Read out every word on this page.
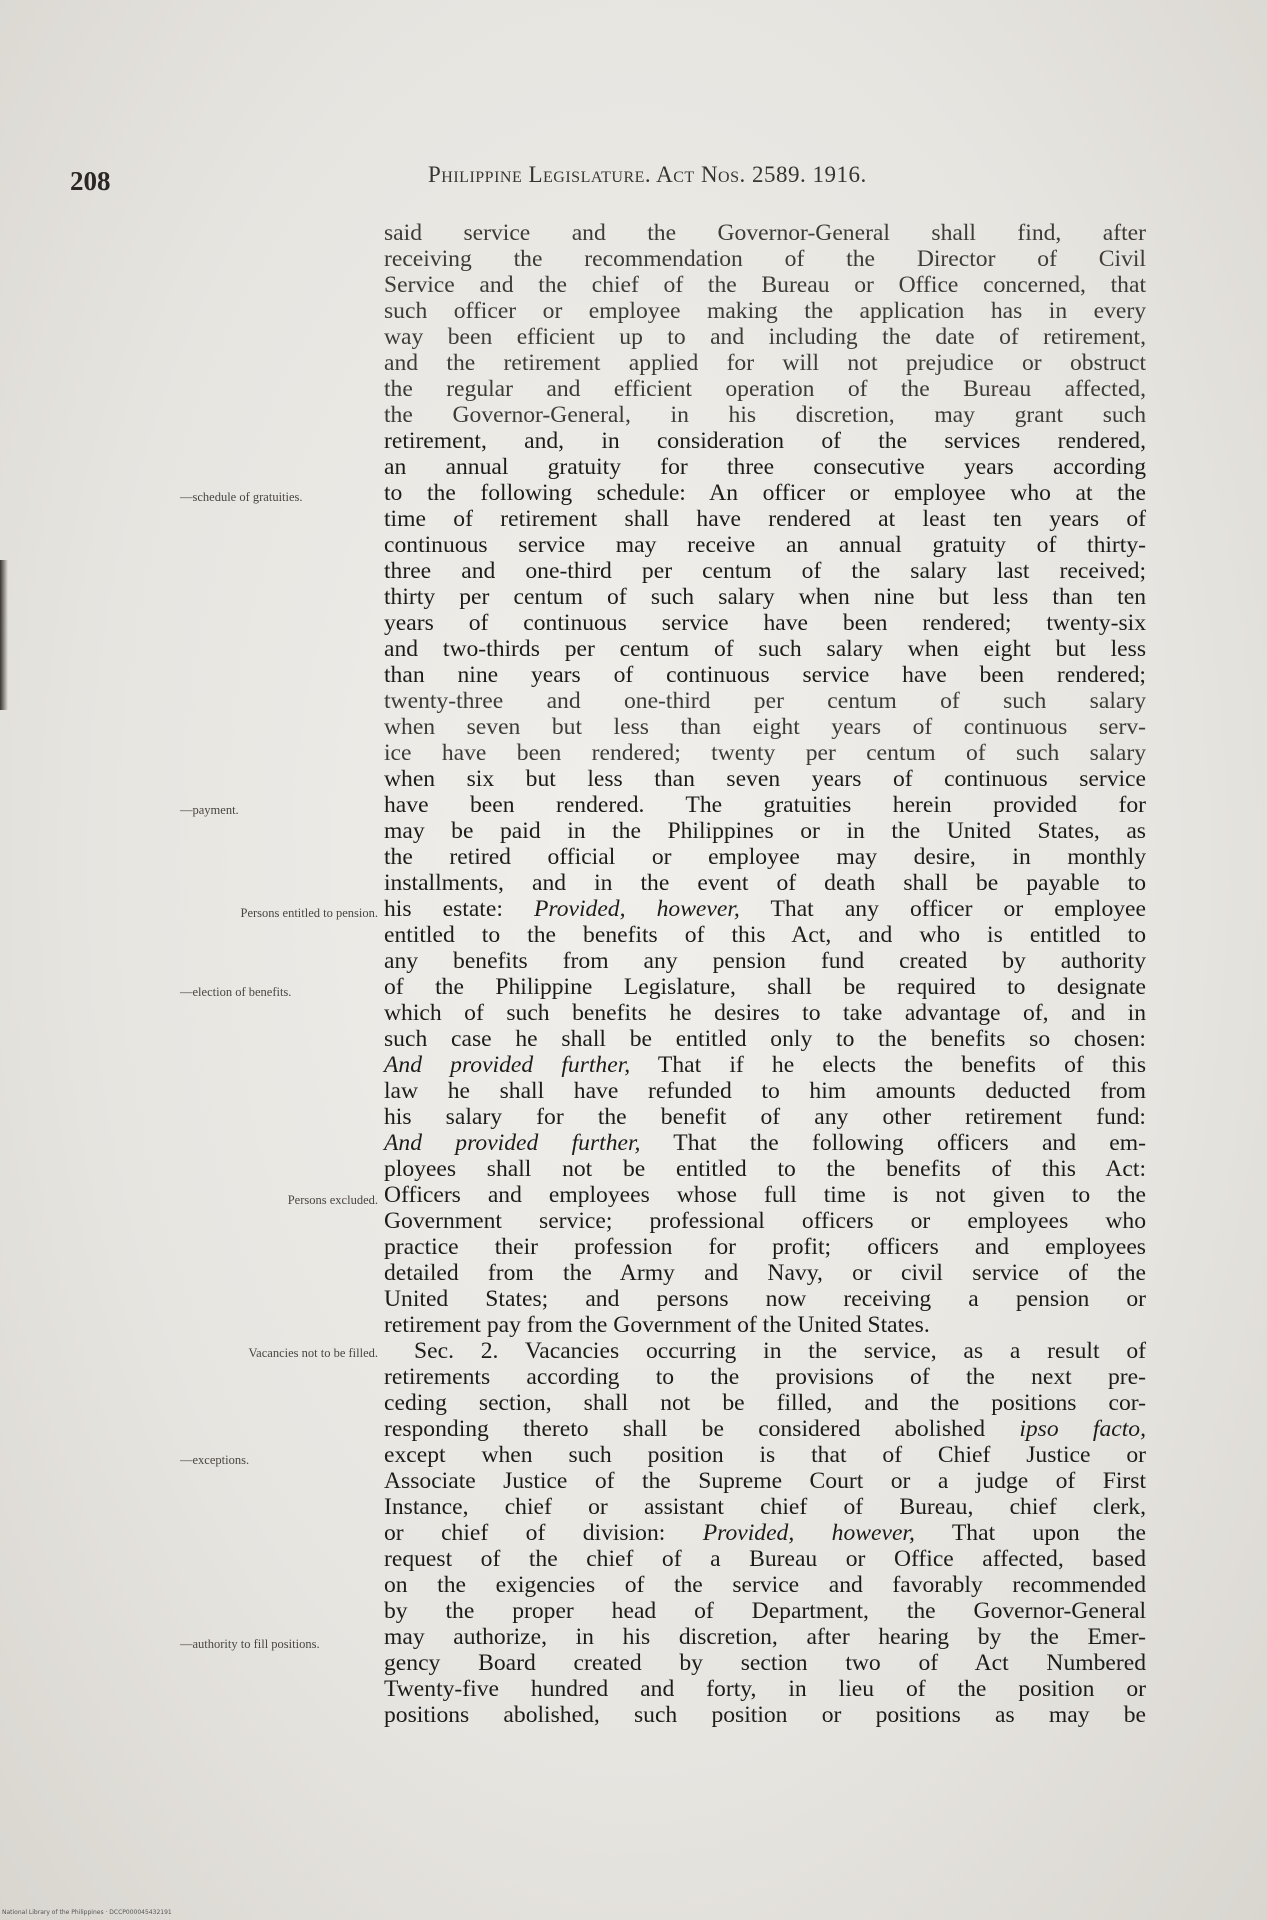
208	Philippine Legislature. Act Nos. 2589. 1916.
said service and the Governor-General shall find, after
receiving the recommendation of the Director of Civil
Service and the chief of the Bureau or Office concerned, that
such officer or employee making the application has in every
way been efficient up to and including the date of retirement,
and the retirement applied for will not prejudice or obstruct
the regular and efficient operation of the Bureau affected,
the Governor-General, in his discretion, may grant such
retirement, and, in consideration of the services rendered,
an annual gratuity for three consecutive years according
to the following schedule: An officer or employee who at the
time of retirement shall have rendered at least ten years of
continuous service may receive an annual gratuity of thirty-
three and one-third per centum of the salary last received;
thirty per centum of such salary when nine but less than ten
years of continuous service have been rendered; twenty-six
and two-thirds per centum of such salary when eight but less
than nine years of continuous service have been rendered;
twenty-three and one-third per centum of such salary
when seven but less than eight years of continuous serv-
ice have been rendered; twenty per centum of such salary
when six but less than seven years of continuous service
have been rendered. The gratuities herein provided for
may be paid in the Philippines or in the United States, as
the retired official or employee may desire, in monthly
installments, and in the event of death shall be payable to
his estate: Provided, however, That any officer or employee
entitled to the benefits of this Act, and who is entitled to
any benefits from any pension fund created by authority
of the Philippine Legislature, shall be required to designate
which of such benefits he desires to take advantage of, and in
such case he shall be entitled only to the benefits so chosen:
And provided further, That if he elects the benefits of this
law he shall have refunded to him amounts deducted from
his salary for the benefit of any other retirement fund:
And provided further, That the following officers and em-
ployees shall not be entitled to the benefits of this Act:
Officers and employees whose full time is not given to the
Government service; professional officers or employees who
practice their profession for profit; officers and employees
detailed from the Army and Navy, or civil service of the
United States; and persons now receiving a pension or
retirement pay from the Government of the United States.
Sec. 2. Vacancies occurring in the service, as a result of
retirements according to the provisions of the next pre-
ceding section, shall not be filled, and the positions cor-
responding thereto shall be considered abolished ipso facto,
except when such position is that of Chief Justice or
Associate Justice of the Supreme Court or a judge of First
Instance, chief or assistant chief of Bureau, chief clerk,
or chief of division: Provided, however, That upon the
request of the chief of a Bureau or Office affected, based
on the exigencies of the service and favorably recommended
by the proper head of Department, the Governor-General
may authorize, in his discretion, after hearing by the Emer-
gency Board created by section two of Act Numbered
Twenty-five hundred and forty, in lieu of the position or
positions abolished, such position or positions as may be
—schedule of gratuities.
—payment.
Persons entitled to pension.
—election of benefits.
Persons excluded.
Vacancies not to be filled.
—exceptions.
—authority to fill positions.
National Library of the Philippines · DCCP000045432191
